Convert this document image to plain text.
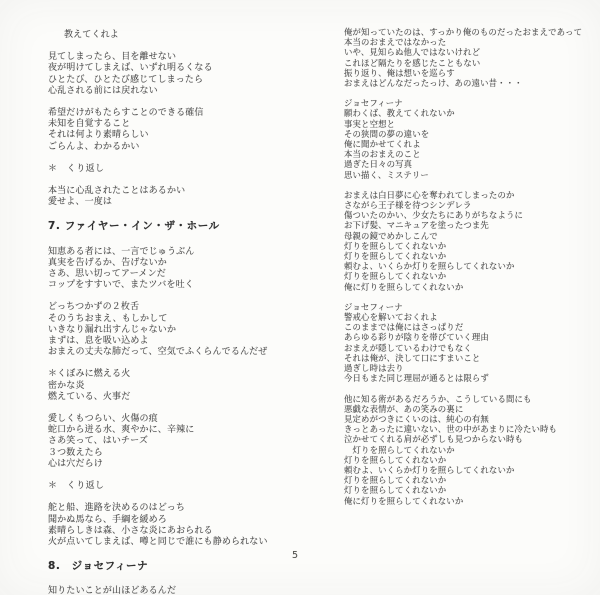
教えてくれよ
見てしまったら、目を離せない
夜が明けてしまえば、いずれ明るくなる
ひとたび、ひとたび感じてしまったら
心乱される前には戻れない
希望だけがもたらすことのできる確信
未知を自覚すること
それは何より素晴らしい
ごらんよ、わかるかい
＊　くり返し
本当に心乱されたことはあるかい
愛せよ、一度は
7. ファイヤー・イン・ザ・ホール
知恵ある者には、一言でじゅうぶん
真実を告げるか、告げないか
さあ、思い切ってアーメンだ
コップをすすいで、またツバを吐く
どっちつかずの２枚舌
そのうちおまえ、もしかして
いきなり漏れ出すんじゃないか
まずは、息を吸い込めよ
おまえの丈夫な肺だって、空気でふくらんでるんだぜ
＊くぼみに燃える火
密かな炎
燃えている、火事だ
愛しくもつらい、火傷の痕
蛇口から迸る水、爽やかに、辛辣に
さあ笑って、はいチーズ
３つ数えたら
心は穴だらけ
＊　くり返し
舵と船、進路を決めるのはどっち
聞かぬ馬なら、手綱を緩めろ
素晴らしきは森、小さな炎にあおられる
火が点いてしまえば、噂と同じで誰にも静められない
8.　ジョセフィーナ
知りたいことが山ほどあるんだ
俺が知っていたのは、すっかり俺のものだったおまえであって
本当のおまえではなかった
いや、見知らぬ他人ではないけれど
これほど隔たりを感じたこともない
振り返り、俺は想いを巡らす
おまえはどんなだったっけ、あの遠い昔・・・
ジョセフィーナ
願わくば、教えてくれないか
事実と空想と
その狭間の夢の違いを
俺に聞かせてくれよ
本当のおまえのこと
過ぎた日々の写真
思い描く、ミステリー
おまえは白日夢に心を奪われてしまったのか
さながら王子様を待つシンデレラ
傷ついたのかい、少女たちにありがちなように
お下げ髪、マニキュアを塗ったつま先
母親の鏡でめかしこんで
灯りを照らしてくれないか
灯りを照らしてくれないか
頼むよ、いくらか灯りを照らしてくれないか
灯りを照らしてくれないか
俺に灯りを照らしてくれないか
ジョセフィーナ
警戒心を解いておくれよ
このままでは俺にはさっぱりだ
あらゆる彩りが陰りを帯びていく理由
おまえが隠しているわけでもなく
それは俺が、決して口にすまいこと
過ぎし時は去り
今日もまた同じ理屈が通るとは限らず
他に知る術があるだろうか、こうしている間にも
悪戯な表情が、あの笑みの裏に
見定めがつきにくいのは、純心の有無
きっとあったに違いない、世の中があまりに冷たい時も
泣かせてくれる肩が必ずしも見つからない時も
　灯りを照らしてくれないか
灯りを照らしてくれないか
頼むよ、いくらか灯りを照らしてくれないか
灯りを照らしてくれないか
灯りを照らしてくれないか
俺に灯りを照らしてくれないか
5
